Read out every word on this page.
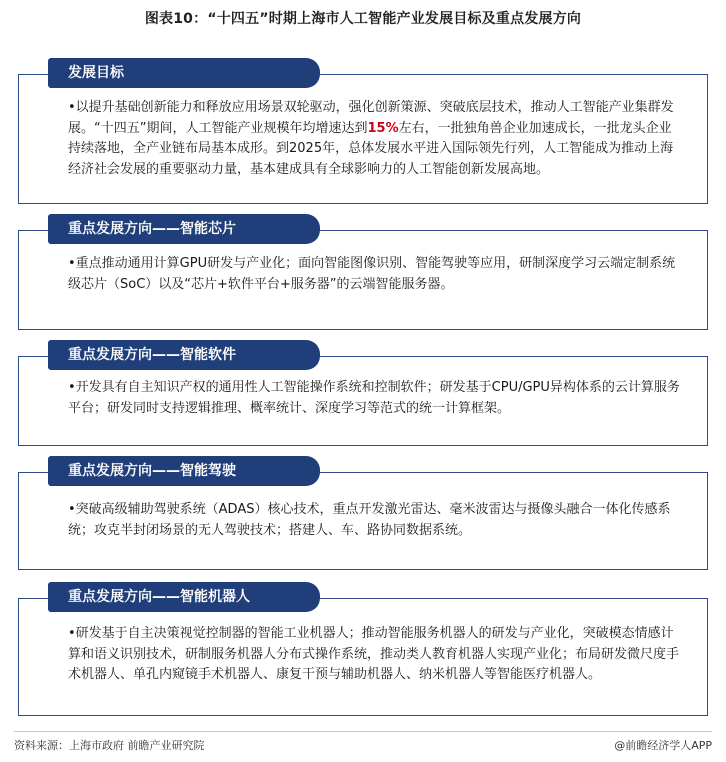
图表10：“十四五”时期上海市人工智能产业发展目标及重点发展方向
发展目标
•以提升基础创新能力和释放应用场景双轮驱动，强化创新策源、突破底层技术，推动人工智能产业集群发展。“十四五”期间，人工智能产业规模年均增速达到15%左右，一批独角兽企业加速成长，一批龙头企业持续落地，全产业链布局基本成形。到2025年，总体发展水平进入国际领先行列，人工智能成为推动上海经济社会发展的重要驱动力量，基本建成具有全球影响力的人工智能创新发展高地。
重点发展方向——智能芯片
•重点推动通用计算GPU研发与产业化；面向智能图像识别、智能驾驶等应用，研制深度学习云端定制系统级芯片（SoC）以及“芯片+软件平台+服务器”的云端智能服务器。
重点发展方向——智能软件
•开发具有自主知识产权的通用性人工智能操作系统和控制软件；研发基于CPU/GPU异构体系的云计算服务平台；研发同时支持逻辑推理、概率统计、深度学习等范式的统一计算框架。
重点发展方向——智能驾驶
•突破高级辅助驾驶系统（ADAS）核心技术，重点开发激光雷达、毫米波雷达与摄像头融合一体化传感系统；攻克半封闭场景的无人驾驶技术；搭建人、车、路协同数据系统。
重点发展方向——智能机器人
•研发基于自主决策视觉控制器的智能工业机器人；推动智能服务机器人的研发与产业化，突破模态情感计算和语义识别技术，研制服务机器人分布式操作系统，推动类人教育机器人实现产业化；布局研发微尺度手术机器人、单孔内窥镜手术机器人、康复干预与辅助机器人、纳米机器人等智能医疗机器人。
资料来源：上海市政府 前瞻产业研究院	@前瞻经济学人APP
